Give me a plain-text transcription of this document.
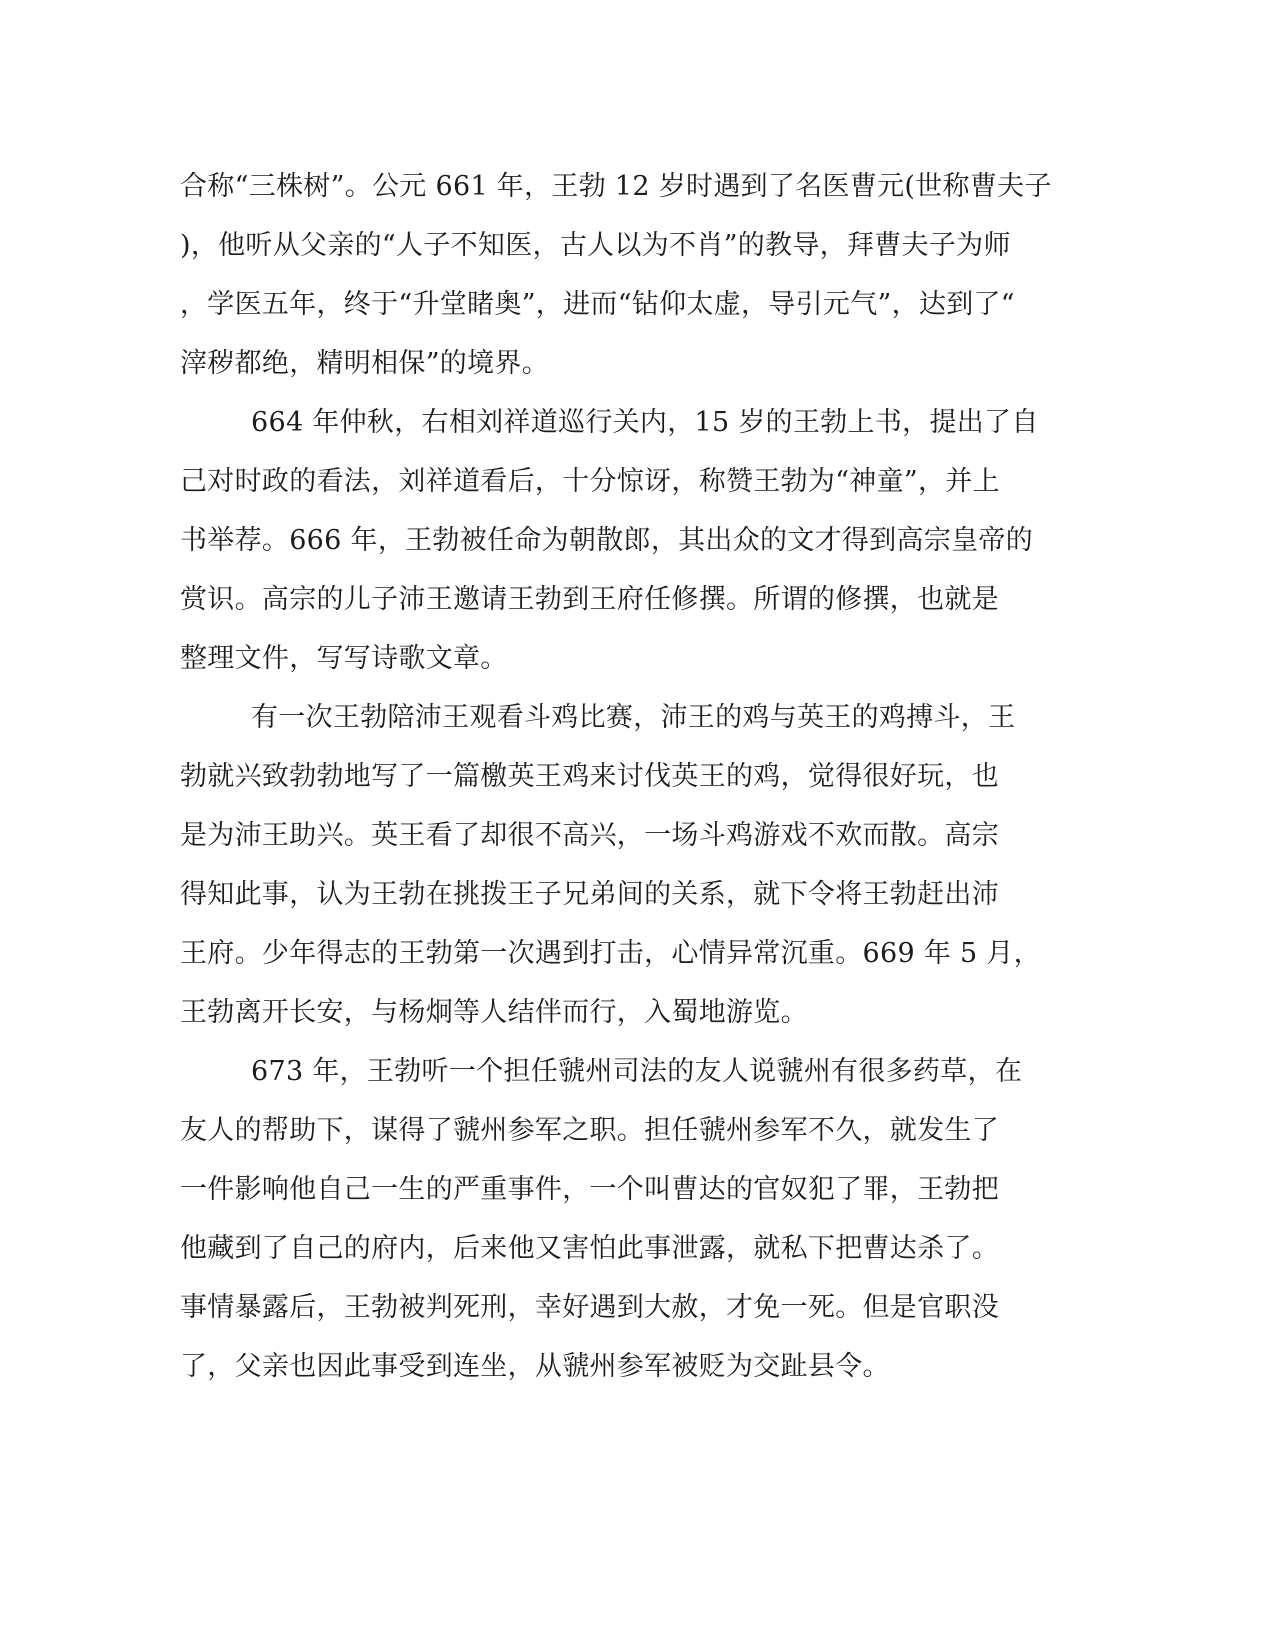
合称“三株树”。公元 661 年，王勃 12 岁时遇到了名医曹元(世称曹夫子
)，他听从父亲的“人子不知医，古人以为不肖”的教导，拜曹夫子为师
，学医五年，终于“升堂睹奥”，进而“钻仰太虚，导引元气”，达到了“
滓秽都绝，精明相保”的境界。
664 年仲秋，右相刘祥道巡行关内，15 岁的王勃上书，提出了自
己对时政的看法，刘祥道看后，十分惊讶，称赞王勃为“神童”，并上
书举荐。666 年，王勃被任命为朝散郎，其出众的文才得到高宗皇帝的
赏识。高宗的儿子沛王邀请王勃到王府任修撰。所谓的修撰，也就是
整理文件，写写诗歌文章。
有一次王勃陪沛王观看斗鸡比赛，沛王的鸡与英王的鸡搏斗，王
勃就兴致勃勃地写了一篇檄英王鸡来讨伐英王的鸡，觉得很好玩，也
是为沛王助兴。英王看了却很不高兴，一场斗鸡游戏不欢而散。高宗
得知此事，认为王勃在挑拨王子兄弟间的关系，就下令将王勃赶出沛
王府。少年得志的王勃第一次遇到打击，心情异常沉重。669 年 5 月，
王勃离开长安，与杨炯等人结伴而行，入蜀地游览。
673 年，王勃听一个担任虢州司法的友人说虢州有很多药草，在
友人的帮助下，谋得了虢州参军之职。担任虢州参军不久，就发生了
一件影响他自己一生的严重事件，一个叫曹达的官奴犯了罪，王勃把
他藏到了自己的府内，后来他又害怕此事泄露，就私下把曹达杀了。
事情暴露后，王勃被判死刑，幸好遇到大赦，才免一死。但是官职没
了，父亲也因此事受到连坐，从虢州参军被贬为交趾县令。
